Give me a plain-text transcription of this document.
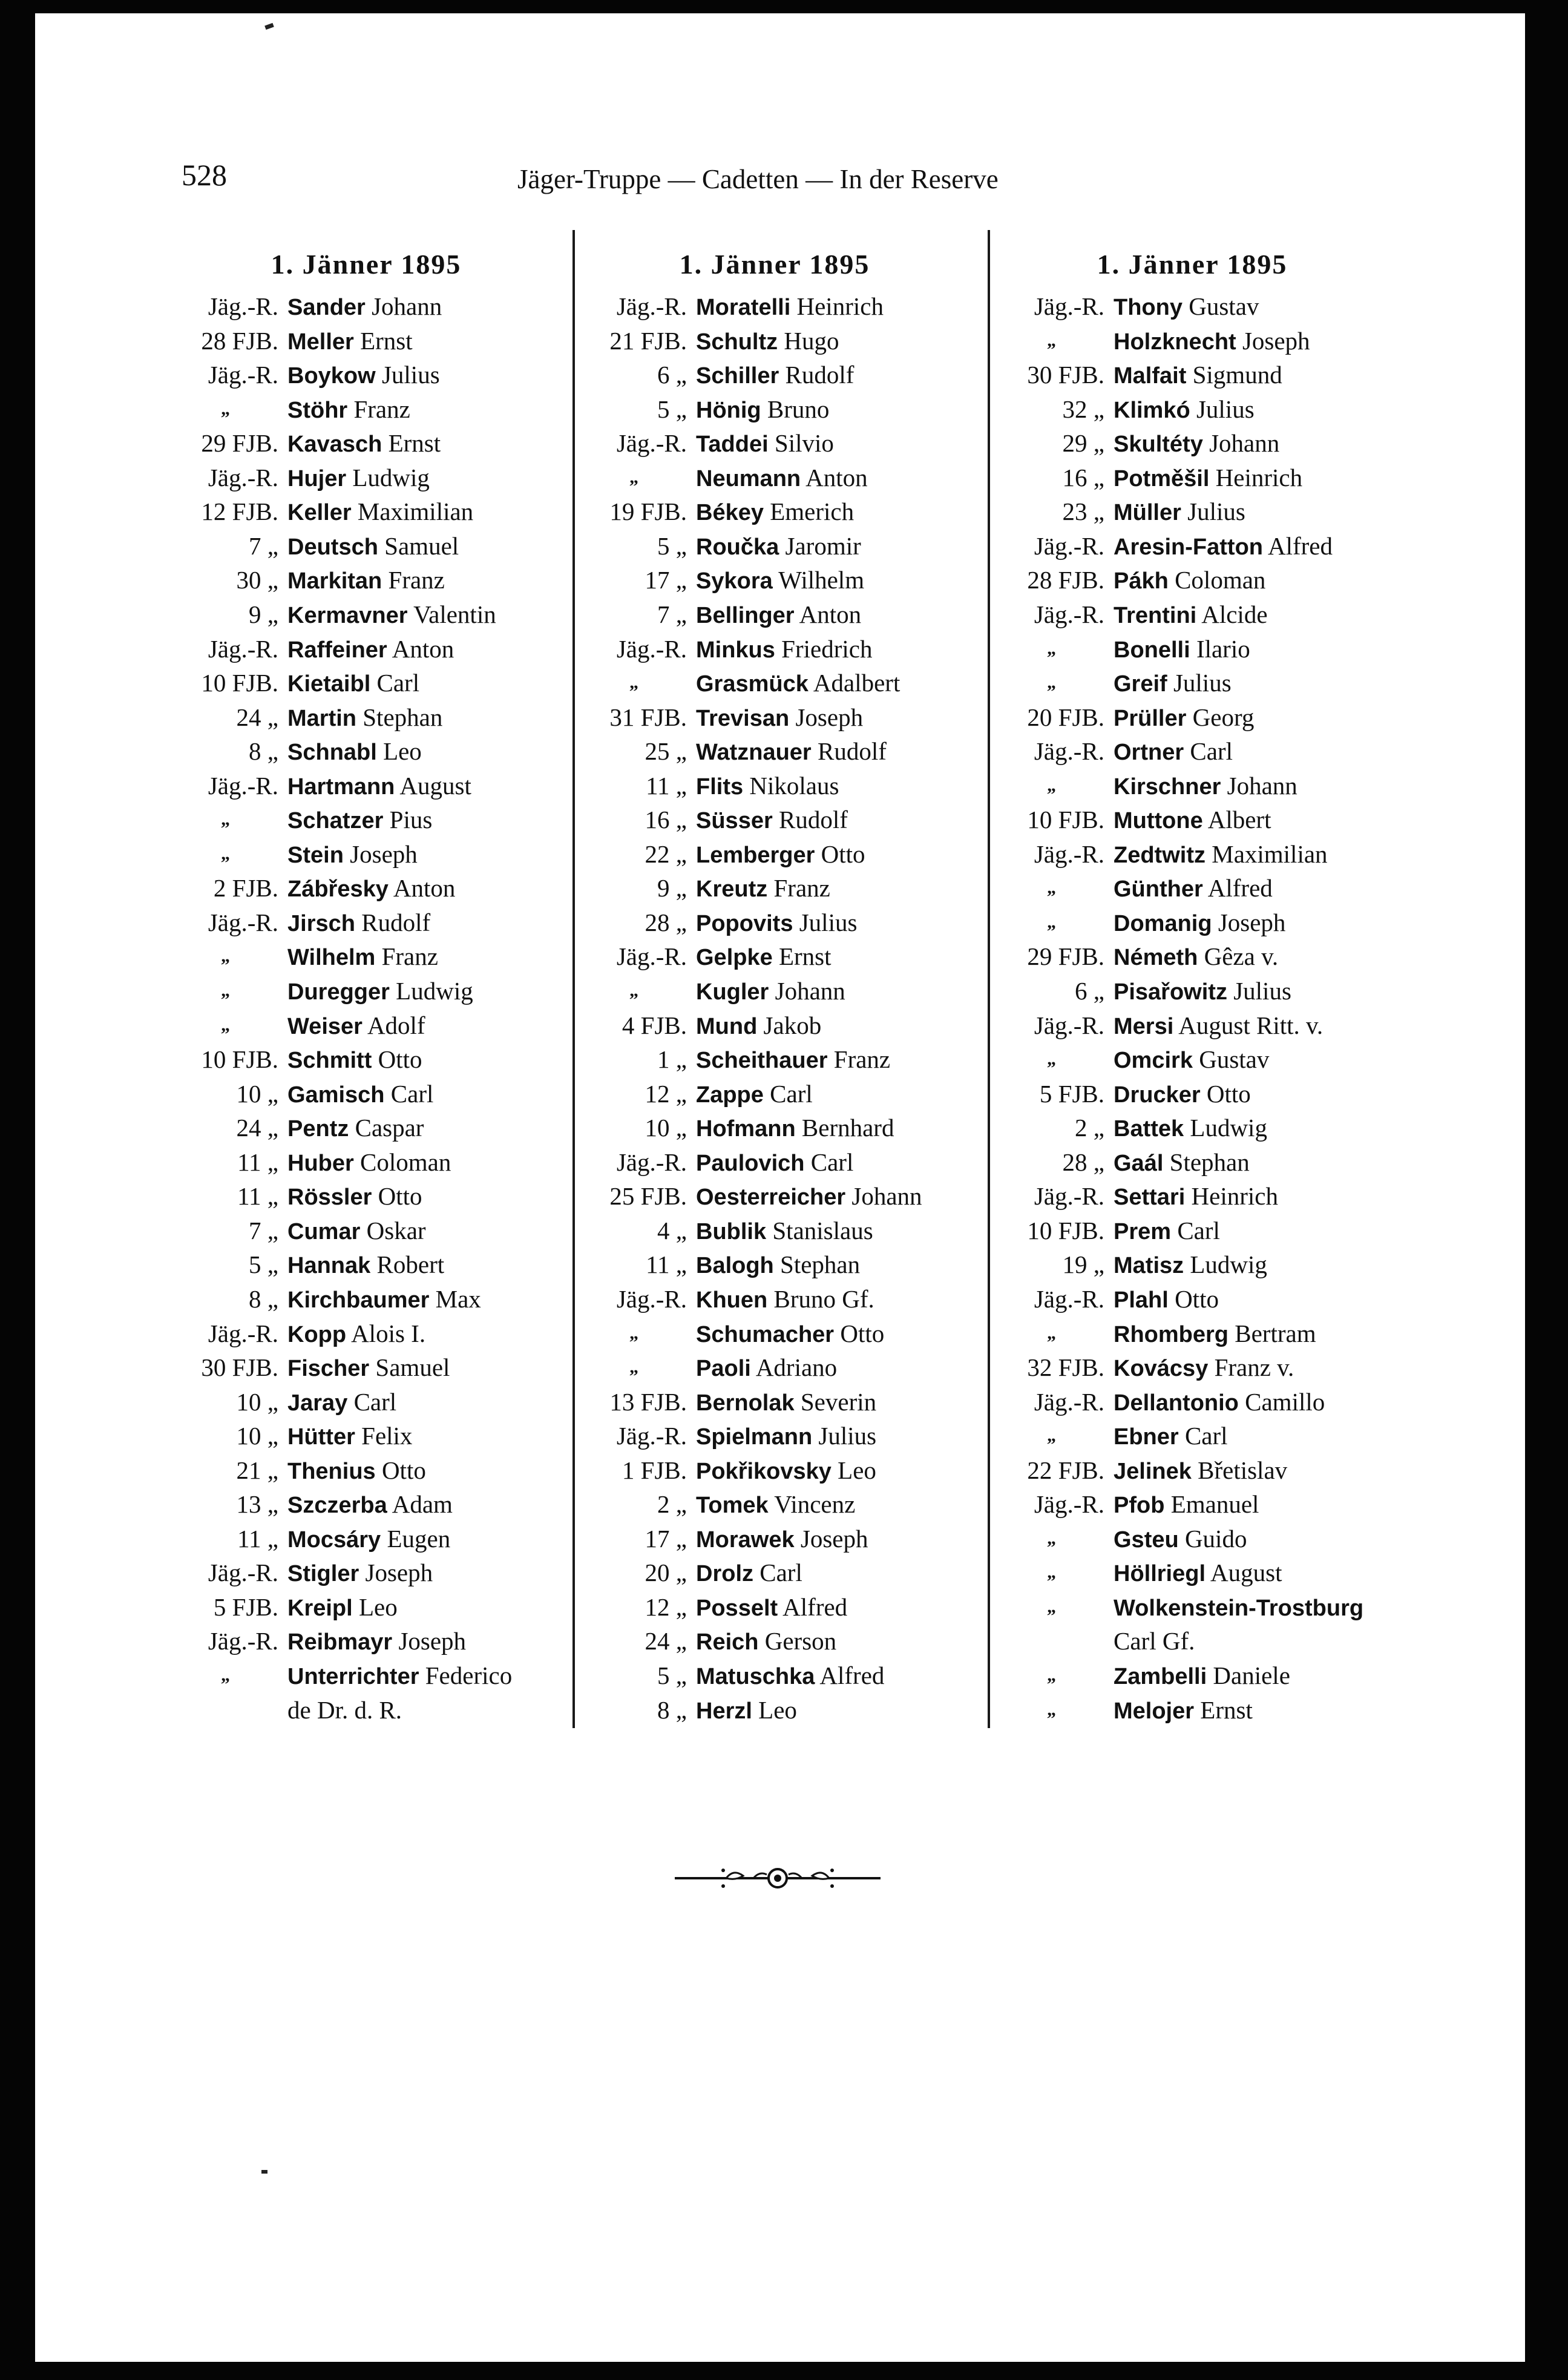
528	Jäger-Truppe — Cadetten — In der Reserve
1. Jänner 1895
Jäg.-R. Sander Johann
28 FJB. Meller Ernst
Jäg.-R. Boykow Julius
„	Stöhr Franz
29 FJB. Kavasch Ernst
Jäg.-R. Hujer Ludwig
12 FJB. Keller Maximilian
7 „ Deutsch Samuel
30 „ Markitan Franz
9 „ Kermavner Valentin
Jäg.-R. Raffeiner Anton
10 FJB. Kietaibl Carl
24 „ Martin Stephan
8 „ Schnabl Leo
Jäg.-R. Hartmann August
„	Schatzer Pius
„	Stein Joseph
2 FJB. Zábřesky Anton
Jäg.-R. Jirsch Rudolf
„	Wilhelm Franz
„	Duregger Ludwig
„	Weiser Adolf
10 FJB. Schmitt Otto
10 „ Gamisch Carl
24 „ Pentz Caspar
11 „ Huber Coloman
11 „ Rössler Otto
7 „ Cumar Oskar
5 „ Hannak Robert
8 „ Kirchbaumer Max
Jäg.-R. Kopp Alois I.
30 FJB. Fischer Samuel
10 „ Jaray Carl
10 „ Hütter Felix
21 „ Thenius Otto
13 „ Szczerba Adam
11 „ Mocsáry Eugen
Jäg.-R. Stigler Joseph
5 FJB. Kreipl Leo
Jäg.-R. Reibmayr Joseph
„	Unterrichter Federico
de Dr. d. R.
1. Jänner 1895
Jäg.-R. Moratelli Heinrich
21 FJB. Schultz Hugo
6 „ Schiller Rudolf
5 „ Hönig Bruno
Jäg.-R. Taddei Silvio
„	Neumann Anton
19 FJB. Békey Emerich
5 „ Roučka Jaromir
17 „ Sykora Wilhelm
7 „ Bellinger Anton
Jäg.-R. Minkus Friedrich
„	Grasmück Adalbert
31 FJB. Trevisan Joseph
25 „ Watznauer Rudolf
11 „ Flits Nikolaus
16 „ Süsser Rudolf
22 „ Lemberger Otto
9 „ Kreutz Franz
28 „ Popovits Julius
Jäg.-R. Gelpke Ernst
„	Kugler Johann
4 FJB. Mund Jakob
1 „ Scheithauer Franz
12 „ Zappe Carl
10 „ Hofmann Bernhard
Jäg.-R. Paulovich Carl
25 FJB. Oesterreicher Johann
4 „ Bublik Stanislaus
11 „ Balogh Stephan
Jäg.-R. Khuen Bruno Gf.
„	Schumacher Otto
„	Paoli Adriano
13 FJB. Bernolak Severin
Jäg.-R. Spielmann Julius
1 FJB. Pokřikovsky Leo
2 „ Tomek Vincenz
17 „ Morawek Joseph
20 „ Drolz Carl
12 „ Posselt Alfred
24 „ Reich Gerson
5 „ Matuschka Alfred
8 „ Herzl Leo
1. Jänner 1895
Jäg.-R. Thony Gustav
„	Holzknecht Joseph
30 FJB. Malfait Sigmund
32 „ Klimkó Julius
29 „ Skultéty Johann
16 „ Potměšil Heinrich
23 „ Müller Julius
Jäg.-R. Aresin-Fatton Alfred
28 FJB. Pákh Coloman
Jäg.-R. Trentini Alcide
„	Bonelli Ilario
„	Greif Julius
20 FJB. Prüller Georg
Jäg.-R. Ortner Carl
„	Kirschner Johann
10 FJB. Muttone Albert
Jäg.-R. Zedtwitz Maximilian
„	Günther Alfred
„	Domanig Joseph
29 FJB. Németh Gêza v.
6 „ Pisařowitz Julius
Jäg.-R. Mersi August Ritt. v.
„	Omcirk Gustav
5 FJB. Drucker Otto
2 „ Battek Ludwig
28 „ Gaál Stephan
Jäg.-R. Settari Heinrich
10 FJB. Prem Carl
19 „ Matisz Ludwig
Jäg.-R. Plahl Otto
„	Rhomberg Bertram
32 FJB. Kovácsy Franz v.
Jäg.-R. Dellantonio Camillo
„	Ebner Carl
22 FJB. Jelinek Břetislav
Jäg.-R. Pfob Emanuel
„	Gsteu Guido
„	Höllriegl August
„	Wolkenstein-Trostburg
Carl Gf.
„	Zambelli Daniele
„	Melojer Ernst
